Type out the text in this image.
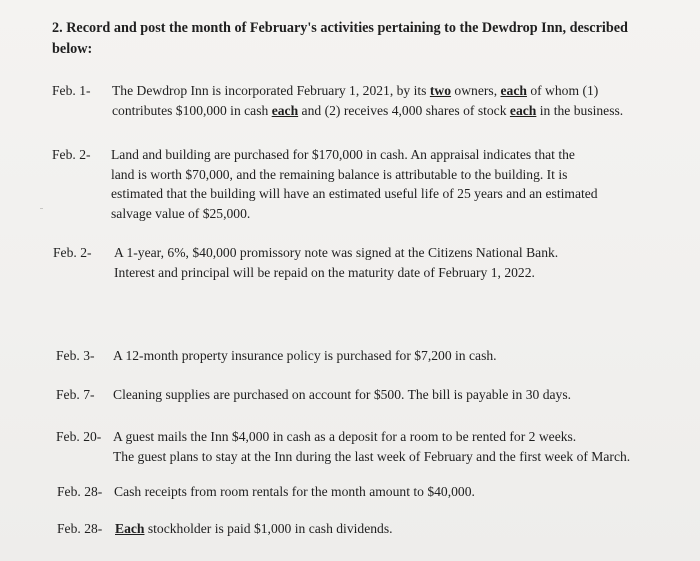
2. Record and post the month of February's activities pertaining to the Dewdrop Inn, described below:

Feb. 1- The Dewdrop Inn is incorporated February 1, 2021, by its two owners, each of whom (1)
contributes $100,000 in cash each and (2) receives 4,000 shares of stock each in the business.
Feb. 2- Land and building are purchased for $170,000 in cash. An appraisal indicates that the
land is worth $70,000, and the remaining balance is attributable to the building. It is
estimated that the building will have an estimated useful life of 25 years and an estimated
salvage value of $25,000.
Feb. 2- A 1-year, 6%, $40,000 promissory note was signed at the Citizens National Bank.
Interest and principal will be repaid on the maturity date of February 1, 2022.
Feb. 3- A 12-month property insurance policy is purchased for $7,200 in cash.
Feb. 7- Cleaning supplies are purchased on account for $500. The bill is payable in 30 days.
Feb. 20- A guest mails the Inn $4,000 in cash as a deposit for a room to be rented for 2 weeks.
The guest plans to stay at the Inn during the last week of February and the first week of March.
Feb. 28- Cash receipts from room rentals for the month amount to $40,000.
Feb. 28- Each stockholder is paid $1,000 in cash dividends.
